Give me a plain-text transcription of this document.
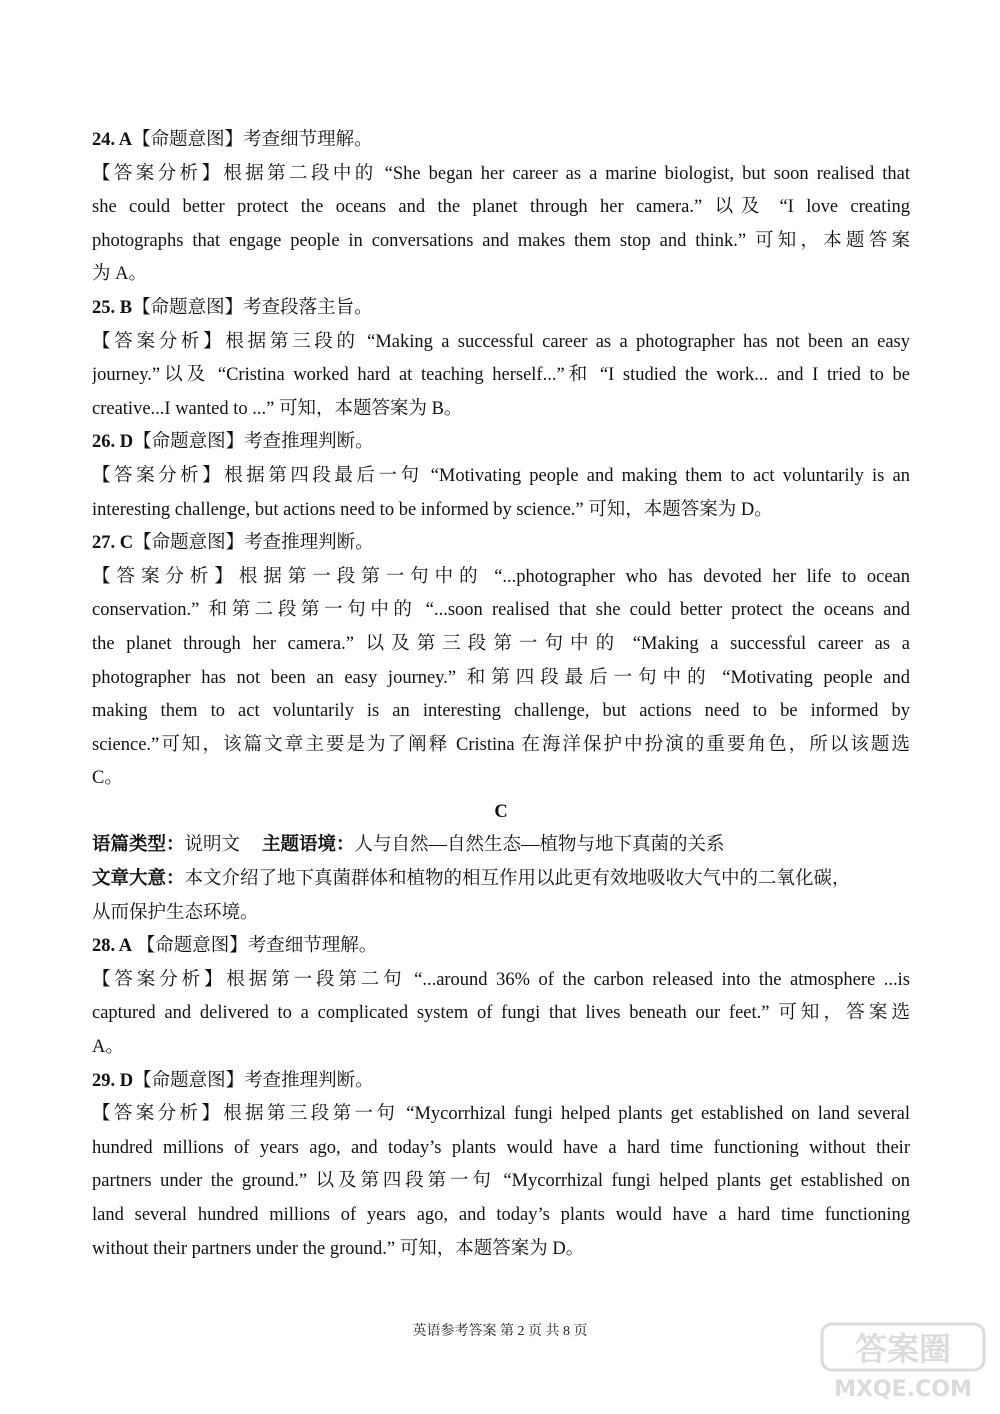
24. A【命题意图】考查细节理解。
【答案分析】根据第二段中的 “She began her career as a marine biologist, but soon realised that
she could better protect the oceans and the planet through her camera.” 以及 “I love creating
photographs that engage people in conversations and makes them stop and think.” 可知，本题答案
为 A。
25. B【命题意图】考查段落主旨。
【答案分析】根据第三段的 “Making a successful career as a photographer has not been an easy
journey.”以及 “Cristina worked hard at teaching herself...”和 “I studied the work... and I tried to be
creative...I wanted to ...” 可知，本题答案为 B。
26. D【命题意图】考查推理判断。
【答案分析】根据第四段最后一句 “Motivating people and making them to act voluntarily is an
interesting challenge, but actions need to be informed by science.” 可知，本题答案为 D。
27. C【命题意图】考查推理判断。
【答案分析】根据第一段第一句中的 “...photographer who has devoted her life to ocean
conservation.” 和第二段第一句中的 “...soon realised that she could better protect the oceans and
the planet through her camera.” 以及第三段第一句中的 “Making a successful career as a
photographer has not been an easy journey.” 和第四段最后一句中的 “Motivating people and
making them to act voluntarily is an interesting challenge, but actions need to be informed by
science.”可知，该篇文章主要是为了阐释 Cristina 在海洋保护中扮演的重要角色，所以该题选
C。
C
语篇类型：说明文 主题语境：人与自然—自然生态—植物与地下真菌的关系
文章大意：本文介绍了地下真菌群体和植物的相互作用以此更有效地吸收大气中的二氧化碳，
从而保护生态环境。
28. A 【命题意图】考查细节理解。
【答案分析】根据第一段第二句 “...around 36% of the carbon released into the atmosphere ...is
captured and delivered to a complicated system of fungi that lives beneath our feet.” 可知，答案选
A。
29. D【命题意图】考查推理判断。
【答案分析】根据第三段第一句 “Mycorrhizal fungi helped plants get established on land several
hundred millions of years ago, and today’s plants would have a hard time functioning without their
partners under the ground.” 以及第四段第一句 “Mycorrhizal fungi helped plants get established on
land several hundred millions of years ago, and today’s plants would have a hard time functioning
without their partners under the ground.” 可知，本题答案为 D。
英语参考答案 第 2 页 共 8 页	答案圈
MXQE.COM
